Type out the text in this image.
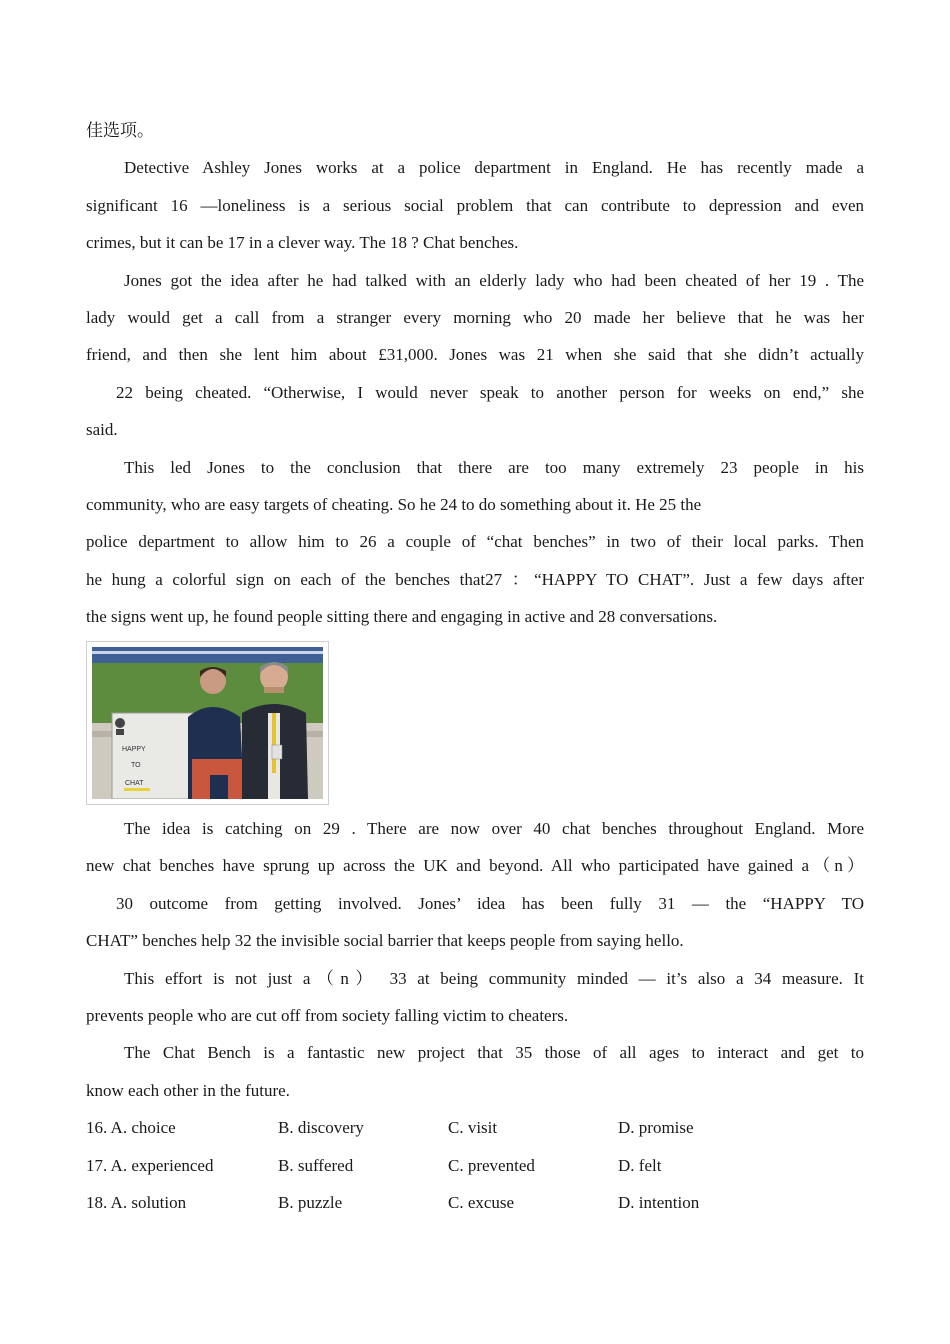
佳选项。
Detective Ashley Jones works at a police department in England. He has recently made a
significant 16 —loneliness is a serious social problem that can contribute to depression and even
crimes, but it can be 17 in a clever way. The 18 ? Chat benches.
Jones got the idea after he had talked with an elderly lady who had been cheated of her 19 . The
lady would get a call from a stranger every morning who 20 made her believe that he was her
friend, and then she lent him about £31,000. Jones was 21 when she said that she didn’t actually
22 being cheated. “Otherwise, I would never speak to another person for weeks on end,” she
said.
This led Jones to the conclusion that there are too many extremely 23 people in his
community, who are easy targets of cheating. So he 24 to do something about it. He 25 the
police department to allow him to 26 a couple of “chat benches” in two of their local parks. Then
he hung a colorful sign on each of the benches that27 ：“HAPPY TO CHAT”. Just a few days after
the signs went up, he found people sitting there and engaging in active and 28 conversations.
HAPPY
TO
CHAT
The idea is catching on 29 . There are now over 40 chat benches throughout England. More
new chat benches have sprung up across the UK and beyond. All who participated have gained a（n）
30 outcome from getting involved. Jones’ idea has been fully 31 — the “HAPPY TO
CHAT” benches help 32 the invisible social barrier that keeps people from saying hello.
This effort is not just a（n） 33 at being community minded — it’s also a 34 measure. It
prevents people who are cut off from society falling victim to cheaters.
The Chat Bench is a fantastic new project that 35 those of all ages to interact and get to
know each other in the future.
16. A. choice	B. discovery	C. visit	D. promise
17. A. experienced	B. suffered	C. prevented	D. felt
18. A. solution	B. puzzle	C. excuse	D. intention
